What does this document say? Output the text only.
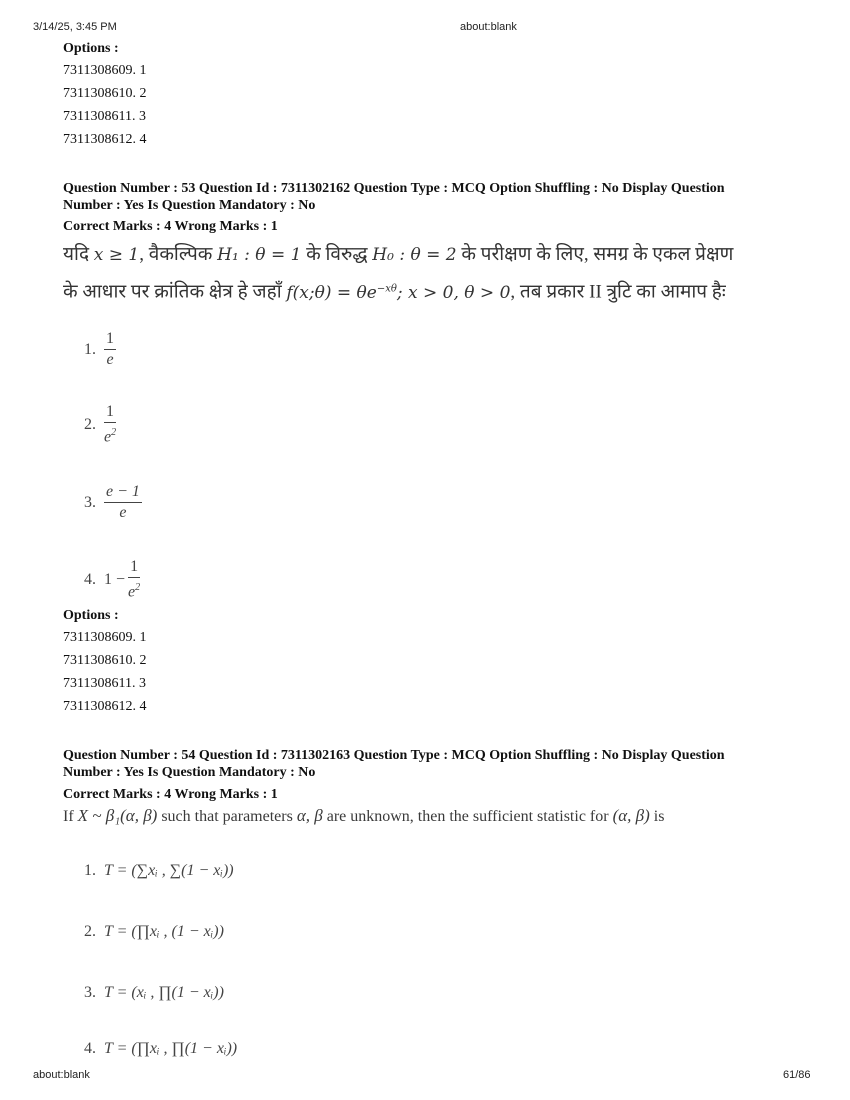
3/14/25, 3:45 PM	about:blank
Options :
7311308609. 1
7311308610. 2
7311308611. 3
7311308612. 4
Question Number : 53 Question Id : 7311302162 Question Type : MCQ Option Shuffling : No Display Question
Number : Yes Is Question Mandatory : No
Correct Marks : 4 Wrong Marks : 1
यदि x ≥ 1, वैकल्पिक H₁ : θ = 1 के विरुद्ध H₀ : θ = 2 के परीक्षण के लिए, समग्र के एकल प्रेक्षण
के आधार पर क्रांतिक क्षेत्र हे जहाँ f(x;θ) = $\theta e^{-x\theta}$; x > 0, θ > 0, तब प्रकार II त्रुटि का आमाप हैः
1. $\frac{1}{e}$
2. $\frac{1}{e^2}$
3. $\frac{e - 1}{e}$
4. $1 - \frac{1}{e^2}$
Options :
7311308609. 1
7311308610. 2
7311308611. 3
7311308612. 4
Question Number : 54 Question Id : 7311302163 Question Type : MCQ Option Shuffling : No Display Question
Number : Yes Is Question Mandatory : No
Correct Marks : 4 Wrong Marks : 1
If X ~ β₁(α, β) such that parameters α, β are unknown, then the sufficient statistic for (α, β) is
1. T = (∑xᵢ , ∑(1 − xᵢ))
2. T = (∏xᵢ , (1 − xᵢ))
3. T = (xᵢ , ∏(1 − xᵢ))
4. T = (∏xᵢ , ∏(1 − xᵢ))
about:blank	61/86
